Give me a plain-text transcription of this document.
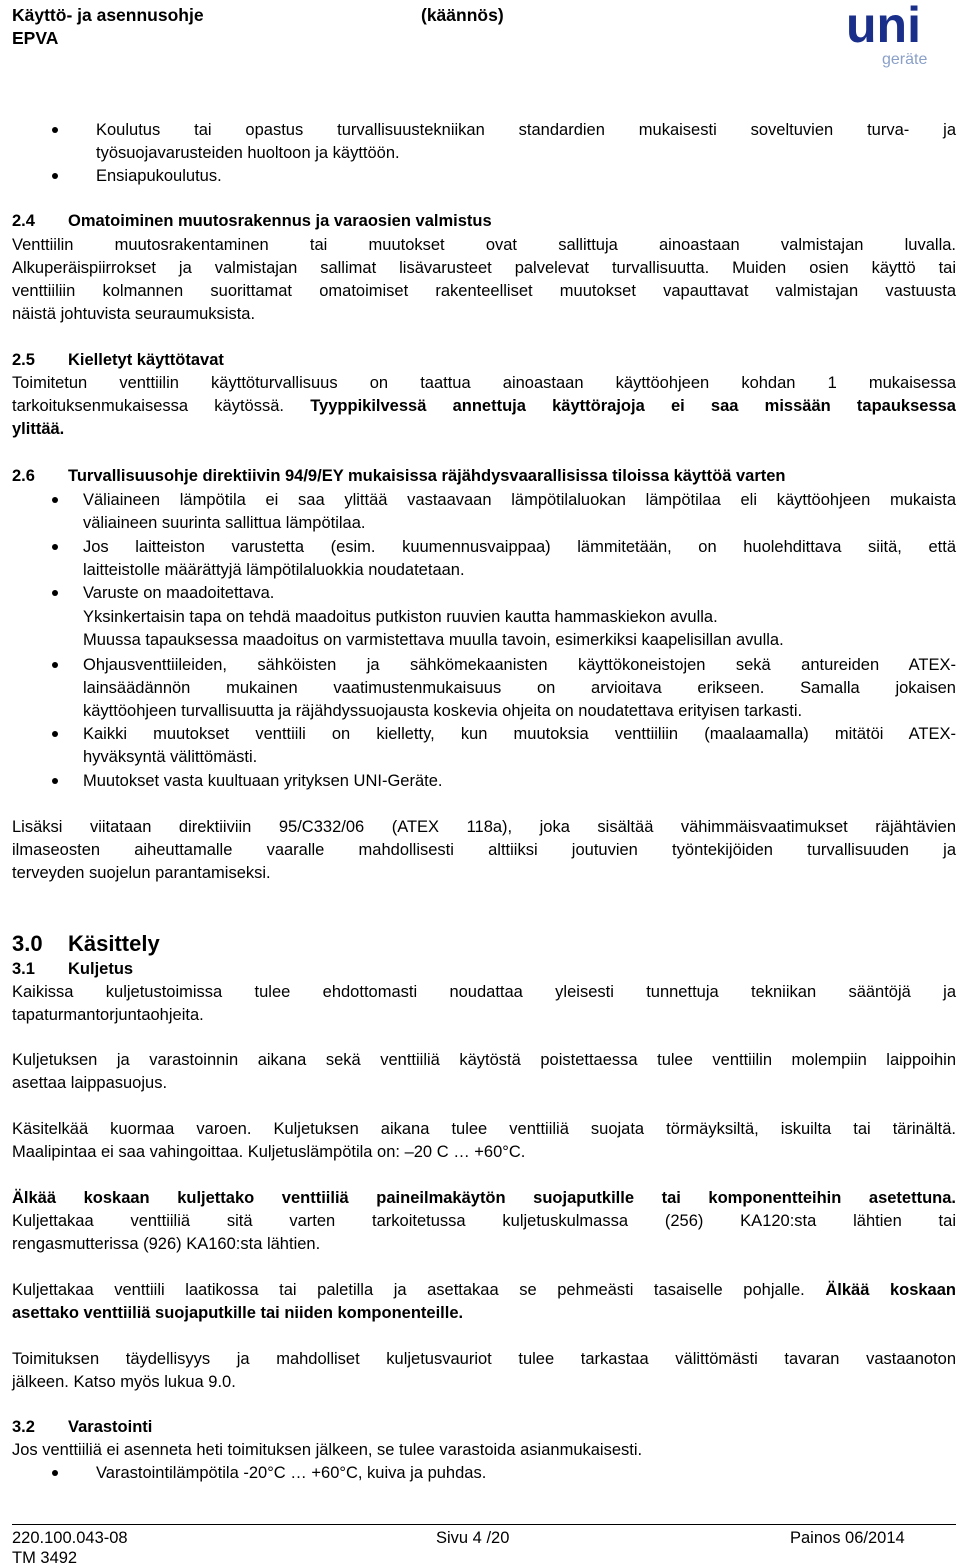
Käyttö- ja asennusohje
EPVA
(käännös)	uni
geräte
Koulutus tai opastus turvallisuustekniikan standardien mukaisesti soveltuvien turva- ja
työsuojavarusteiden huoltoon ja käyttöön.
Ensiapukoulutus.
2.4 Omatoiminen muutosrakennus ja varaosien valmistus
Venttiilin muutosrakentaminen tai muutokset ovat sallittuja ainoastaan valmistajan luvalla.
Alkuperäispiirrokset ja valmistajan sallimat lisävarusteet palvelevat turvallisuutta. Muiden osien käyttö tai
venttiiliin kolmannen suorittamat omatoimiset rakenteelliset muutokset vapauttavat valmistajan vastuusta
näistä johtuvista seuraumuksista.
2.5 Kielletyt käyttötavat
Toimitetun venttiilin käyttöturvallisuus on taattua ainoastaan käyttöohjeen kohdan 1 mukaisessa
tarkoituksenmukaisessa käytössä. Tyyppikilvessä annettuja käyttörajoja ei saa missään tapauksessa
ylittää.
2.6 Turvallisuusohje direktiivin 94/9/EY mukaisissa räjähdysvaarallisissa tiloissa käyttöä varten
Väliaineen lämpötila ei saa ylittää vastaavaan lämpötilaluokan lämpötilaa eli käyttöohjeen mukaista
väliaineen suurinta sallittua lämpötilaa.
Jos laitteiston varustetta (esim. kuumennusvaippaa) lämmitetään, on huolehdittava siitä, että
laitteistolle määrättyjä lämpötilaluokkia noudatetaan.
Varuste on maadoitettava.
Yksinkertaisin tapa on tehdä maadoitus putkiston ruuvien kautta hammaskiekon avulla.
Muussa tapauksessa maadoitus on varmistettava muulla tavoin, esimerkiksi kaapelisillan avulla.
Ohjausventtiileiden, sähköisten ja sähkömekaanisten käyttökoneistojen sekä antureiden ATEX-
lainsäädännön mukainen vaatimustenmukaisuus on arvioitava erikseen. Samalla jokaisen
käyttöohjeen turvallisuutta ja räjähdyssuojausta koskevia ohjeita on noudatettava erityisen tarkasti.
Kaikki muutokset venttiili on kielletty, kun muutoksia venttiiliin (maalaamalla) mitätöi ATEX-
hyväksyntä välittömästi.
Muutokset vasta kuultuaan yrityksen UNI-Geräte.
Lisäksi viitataan direktiiviin 95/C332/06 (ATEX 118a), joka sisältää vähimmäisvaatimukset räjähtävien
ilmaseosten aiheuttamalle vaaralle mahdollisesti alttiiksi joutuvien työntekijöiden turvallisuuden ja
terveyden suojelun parantamiseksi.
3.0 Käsittely
3.1 Kuljetus
Kaikissa kuljetustoimissa tulee ehdottomasti noudattaa yleisesti tunnettuja tekniikan sääntöjä ja
tapaturmantorjuntaohjeita.
Kuljetuksen ja varastoinnin aikana sekä venttiiliä käytöstä poistettaessa tulee venttiilin molempiin laippoihin
asettaa laippasuojus.
Käsitelkää kuormaa varoen. Kuljetuksen aikana tulee venttiiliä suojata törmäyksiltä, iskuilta tai tärinältä.
Maalipintaa ei saa vahingoittaa. Kuljetuslämpötila on: –20 C … +60°C.
Älkää koskaan kuljettako venttiiliä paineilmakäytön suojaputkille tai komponentteihin asetettuna.
Kuljettakaa venttiiliä sitä varten tarkoitetussa kuljetuskulmassa (256) KA120:sta lähtien tai
rengasmutterissa (926) KA160:sta lähtien.
Kuljettakaa venttiili laatikossa tai paletilla ja asettakaa se pehmeästi tasaiselle pohjalle. Älkää koskaan
asettako venttiiliä suojaputkille tai niiden komponenteille.
Toimituksen täydellisyys ja mahdolliset kuljetusvauriot tulee tarkastaa välittömästi tavaran vastaanoton
jälkeen. Katso myös lukua 9.0.
3.2 Varastointi
Jos venttiiliä ei asenneta heti toimituksen jälkeen, se tulee varastoida asianmukaisesti.
Varastointilämpötila -20°C … +60°C, kuiva ja puhdas.
220.100.043-08
TM 3492
Sivu 4 /20	Painos 06/2014
